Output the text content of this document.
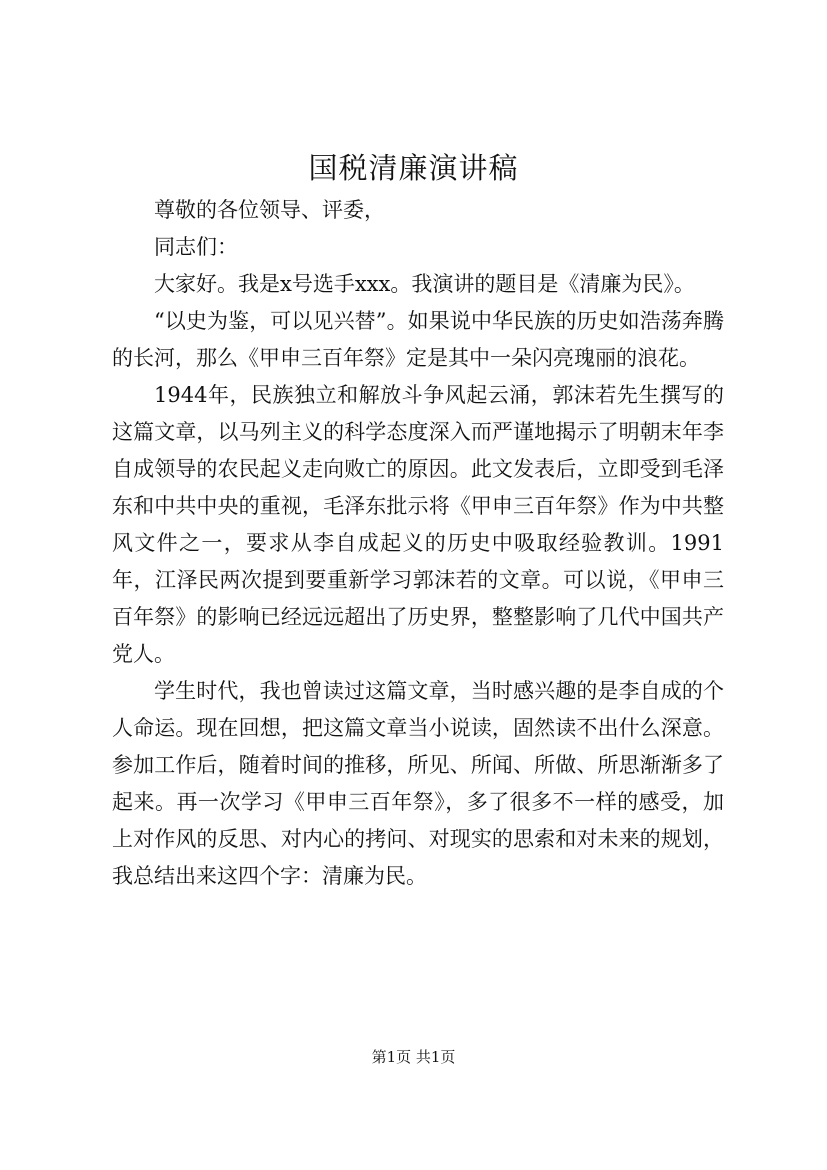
国税清廉演讲稿

尊敬的各位领导、评委，

同志们：

大家好。我是x号选手xxx。我演讲的题目是《清廉为民》。

“以史为鉴，可以见兴替”。如果说中华民族的历史如浩荡奔腾的长河，那么《甲申三百年祭》定是其中一朵闪亮瑰丽的浪花。

1944年，民族独立和解放斗争风起云涌，郭沫若先生撰写的这篇文章，以马列主义的科学态度深入而严谨地揭示了明朝末年李自成领导的农民起义走向败亡的原因。此文发表后，立即受到毛泽东和中共中央的重视，毛泽东批示将《甲申三百年祭》作为中共整风文件之一，要求从李自成起义的历史中吸取经验教训。1991年，江泽民两次提到要重新学习郭沫若的文章。可以说，《甲申三百年祭》的影响已经远远超出了历史界，整整影响了几代中国共产党人。

学生时代，我也曾读过这篇文章，当时感兴趣的是李自成的个人命运。现在回想，把这篇文章当小说读，固然读不出什么深意。参加工作后，随着时间的推移，所见、所闻、所做、所思渐渐多了起来。再一次学习《甲申三百年祭》，多了很多不一样的感受，加上对作风的反思、对内心的拷问、对现实的思索和对未来的规划，我总结出来这四个字：清廉为民。

第1页 共1页
